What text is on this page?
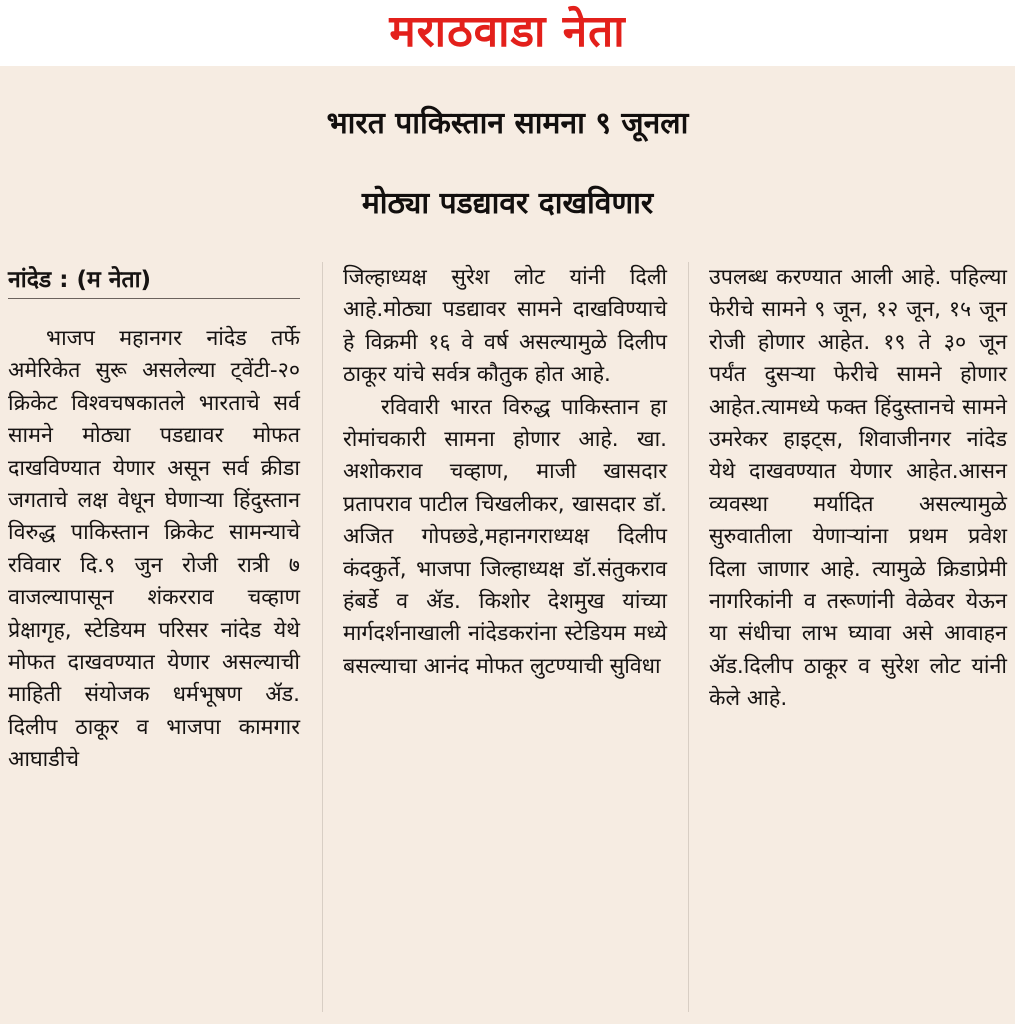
मराठवाडा नेता
भारत पाकिस्तान सामना ९ जूनला
मोठ्या पडद्यावर दाखविणार

नांदेड : (म नेता)

भाजप महानगर नांदेड तर्फे अमेरिकेत सुरू असलेल्या ट्वेंटी-२० क्रिकेट विश्वचषकातले भारताचे सर्व सामने मोठ्या पडद्यावर मोफत दाखविण्यात येणार असून सर्व क्रीडा जगताचे लक्ष वेधून घेणाऱ्या हिंदुस्तान विरुद्ध पाकिस्तान क्रिकेट सामन्याचे रविवार दि.९ जुन रोजी रात्री ७ वाजल्यापासून शंकरराव चव्हाण प्रेक्षागृह, स्टेडियम परिसर नांदेड येथे मोफत दाखवण्यात येणार असल्याची माहिती संयोजक धर्मभूषण ॲड. दिलीप ठाकूर व भाजपा कामगार आघाडीचे

जिल्हाध्यक्ष सुरेश लोट यांनी दिली आहे.मोठ्या पडद्यावर सामने दाखविण्याचे हे विक्रमी १६ वे वर्ष असल्यामुळे दिलीप ठाकूर यांचे सर्वत्र कौतुक होत आहे.

रविवारी भारत विरुद्ध पाकिस्तान हा रोमांचकारी सामना होणार आहे. खा. अशोकराव चव्हाण, माजी खासदार प्रतापराव पाटील चिखलीकर, खासदार डॉ. अजित गोपछडे,महानगराध्यक्ष दिलीप कंदकुर्ते, भाजपा जिल्हाध्यक्ष डॉ.संतुकराव हंबर्डे व ॲड. किशोर देशमुख यांच्या मार्गदर्शनाखाली नांदेडकरांना स्टेडियम मध्ये बसल्याचा आनंद मोफत लुटण्याची सुविधा

उपलब्ध करण्यात आली आहे. पहिल्या फेरीचे सामने ९ जून, १२ जून, १५ जून रोजी होणार आहेत. १९ ते ३० जून पर्यंत दुसऱ्या फेरीचे सामने होणार आहेत.त्यामध्ये फक्त हिंदुस्तानचे सामने उमरेकर हाइट्स, शिवाजीनगर नांदेड येथे दाखवण्यात येणार आहेत.आसन व्यवस्था मर्यादित असल्यामुळे सुरुवातीला येणाऱ्यांना प्रथम प्रवेश दिला जाणार आहे. त्यामुळे क्रिडाप्रेमी नागरिकांनी व तरूणांनी वेळेवर येऊन या संधीचा लाभ घ्यावा असे आवाहन ॲड.दिलीप ठाकूर व सुरेश लोट यांनी केले आहे.
